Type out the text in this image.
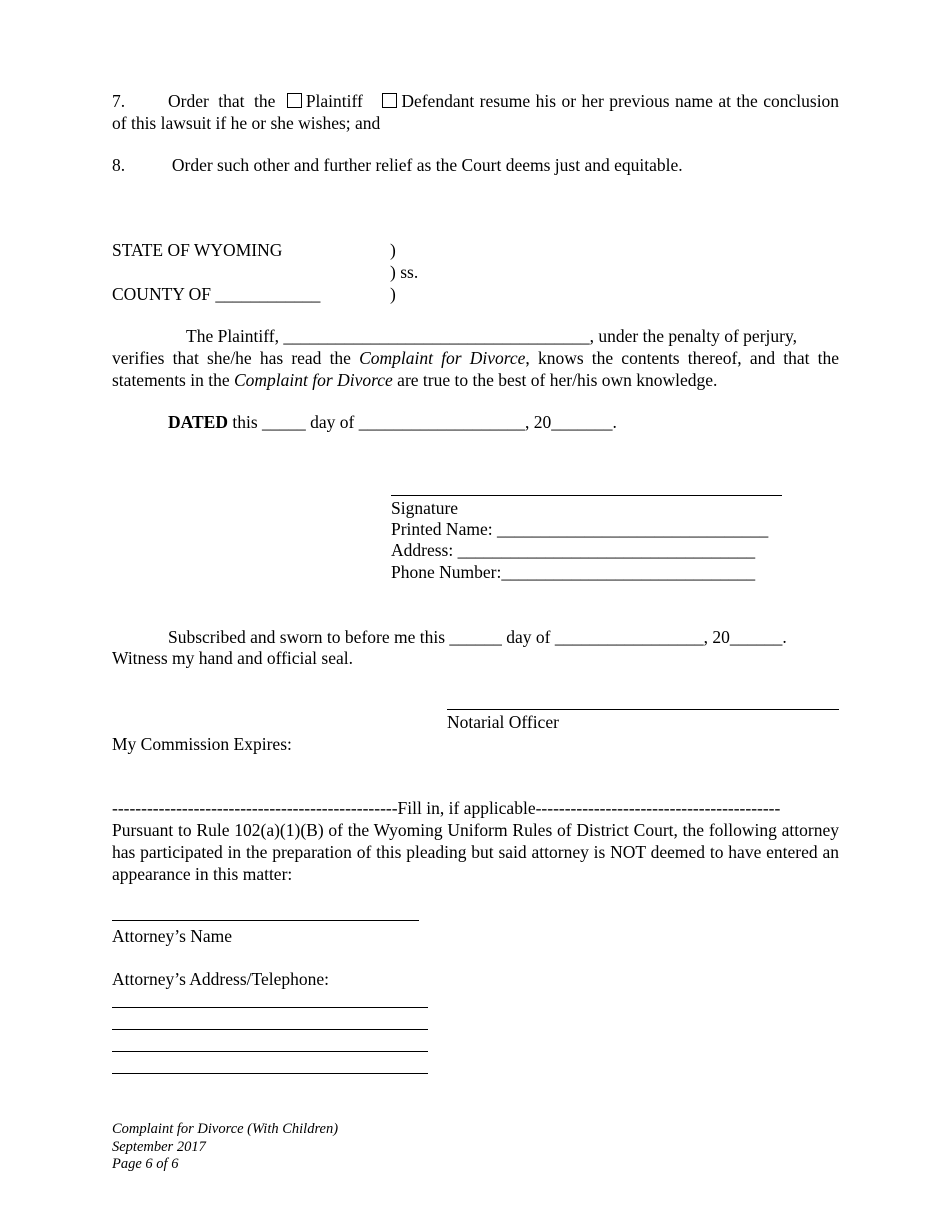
7. Order that the Plaintiff Defendant resume his or her previous name at the conclusion of this lawsuit if he or she wishes; and
8.	Order such other and further relief as the Court deems just and equitable.
STATE OF WYOMING
COUNTY OF ____________
)
) ss.
)
The Plaintiff, ___________________________________, under the penalty of perjury,
verifies that she/he has read the Complaint for Divorce, knows the contents thereof, and that the
statements in the Complaint for Divorce are true to the best of her/his own knowledge.
DATED this _____ day of ___________________, 20_______.
Signature
Printed Name: _______________________________
Address: __________________________________
Phone Number:_____________________________
Subscribed and sworn to before me this ______ day of _________________, 20______.
Witness my hand and official seal.
Notarial Officer
My Commission Expires:
-------------------------------------------------Fill in, if applicable------------------------------------------
Pursuant to Rule 102(a)(1)(B) of the Wyoming Uniform Rules of District Court, the following attorney has participated in the preparation of this pleading but said attorney is NOT deemed to have entered an appearance in this matter:
Attorney’s Name
Attorney’s Address/Telephone:
Complaint for Divorce (With Children)
September 2017
Page 6 of 6
